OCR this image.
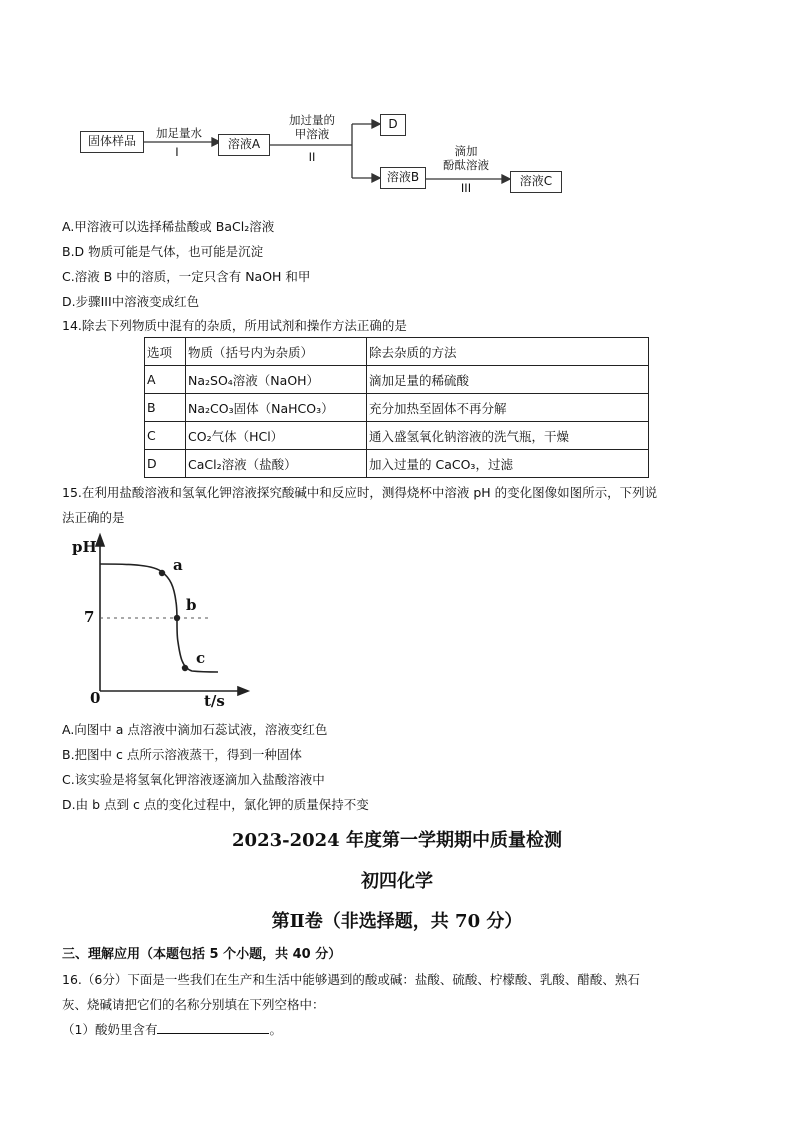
固体样品
加足量水
I
溶液A
加过量的
甲溶液
II
D
溶液B
滴加
酚酞溶液
III	溶液C
A.甲溶液可以选择稀盐酸或 BaCl₂溶液
B.D 物质可能是气体，也可能是沉淀
C.溶液 B 中的溶质，一定只含有 NaOH 和甲
D.步骤III中溶液变成红色
14.除去下列物质中混有的杂质，所用试剂和操作方法正确的是
选项	物质（括号内为杂质）	除去杂质的方法
A	Na₂SO₄溶液（NaOH）	滴加足量的稀硫酸
B	Na₂CO₃固体（NaHCO₃）	充分加热至固体不再分解
C	CO₂气体（HCl）	通入盛氢氧化钠溶液的洗气瓶，干燥
D	CaCl₂溶液（盐酸）	加入过量的 CaCO₃，过滤
15.在利用盐酸溶液和氢氧化钾溶液探究酸碱中和反应时，测得烧杯中溶液 pH 的变化图像如图所示，下列说
法正确的是
pH
7
0	t/s
a
b
c
A.向图中 a 点溶液中滴加石蕊试液，溶液变红色
B.把图中 c 点所示溶液蒸干，得到一种固体
C.该实验是将氢氧化钾溶液逐滴加入盐酸溶液中
D.由 b 点到 c 点的变化过程中，氯化钾的质量保持不变
2023-2024 年度第一学期期中质量检测
初四化学
第Ⅱ卷（非选择题，共 70 分）
三、理解应用（本题包括 5 个小题，共 40 分）
16.（6分）下面是一些我们在生产和生活中能够遇到的酸或碱：盐酸、硫酸、柠檬酸、乳酸、醋酸、熟石
灰、烧碱请把它们的名称分别填在下列空格中：
（1）酸奶里含有	。
